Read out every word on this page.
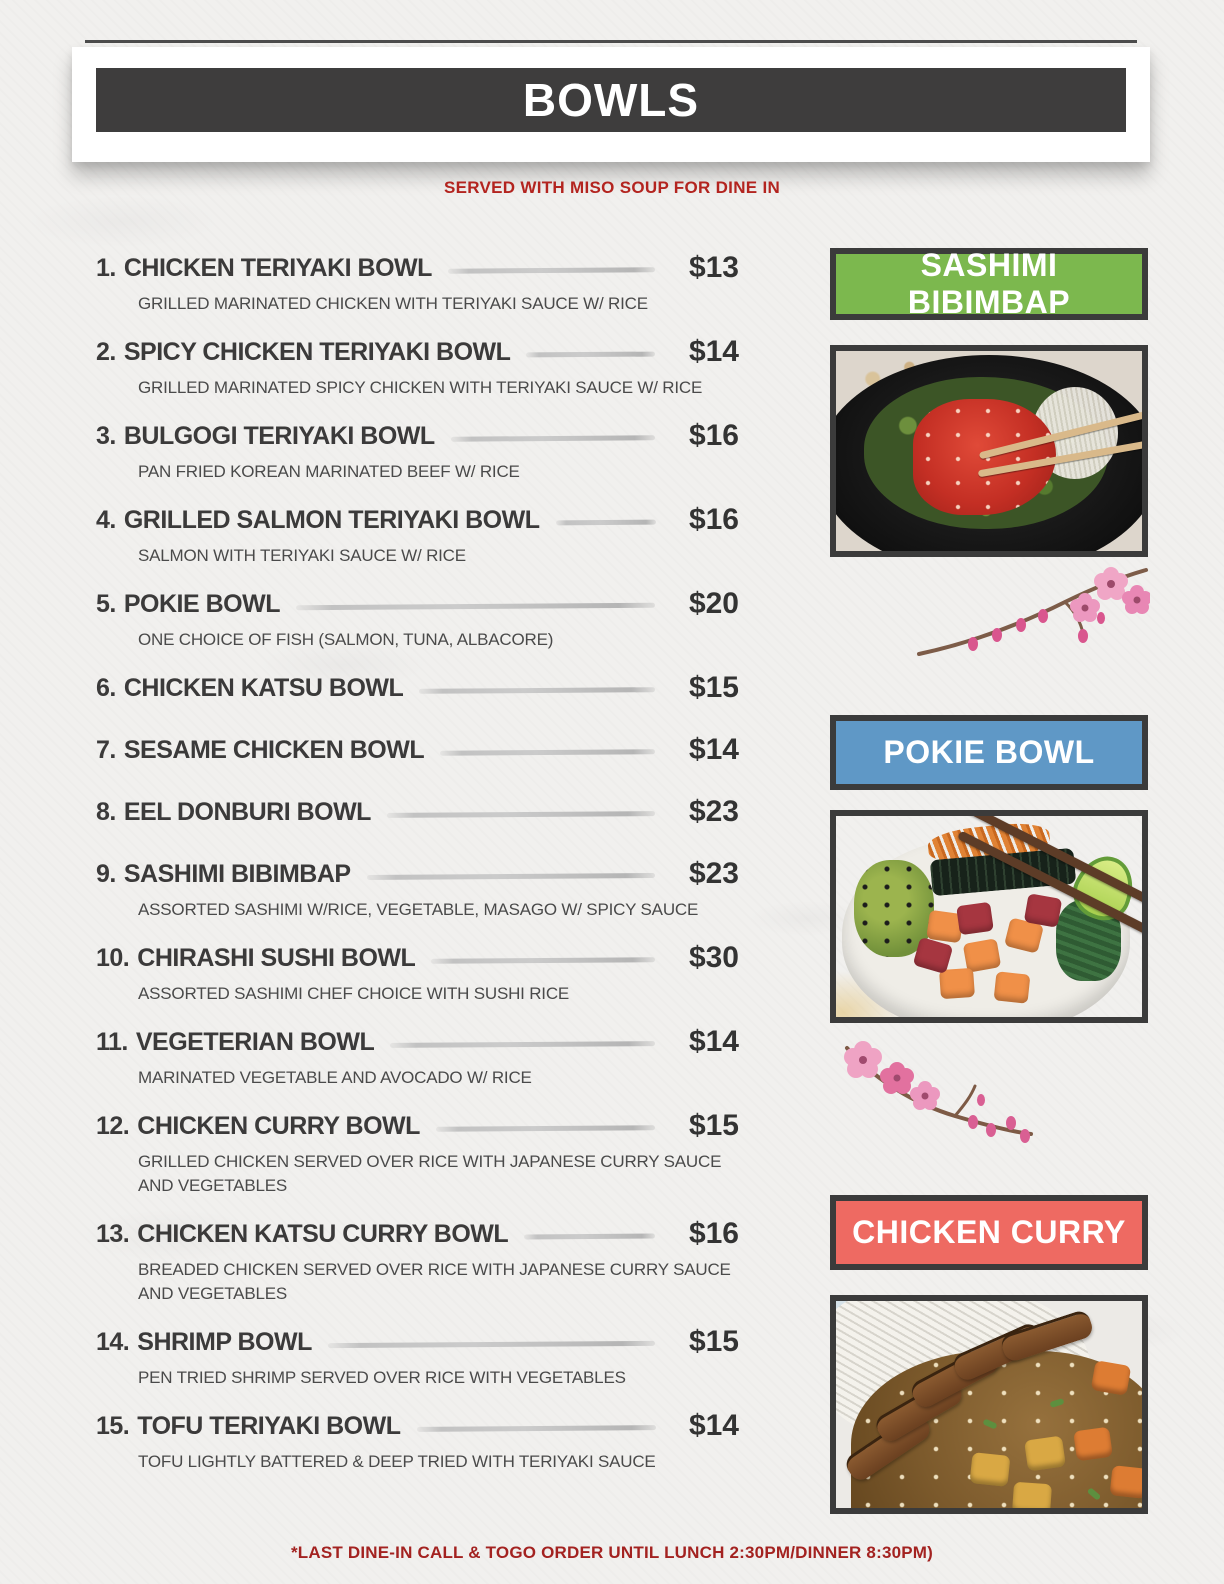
BOWLS
SERVED WITH MISO SOUP FOR DINE IN
1. CHICKEN TERIYAKI BOWL	$13
GRILLED MARINATED CHICKEN WITH TERIYAKI SAUCE W/ RICE
2. SPICY CHICKEN TERIYAKI BOWL	$14
GRILLED MARINATED SPICY CHICKEN WITH TERIYAKI SAUCE W/ RICE
3. BULGOGI TERIYAKI BOWL	$16
PAN FRIED KOREAN MARINATED BEEF W/ RICE
4. GRILLED SALMON TERIYAKI BOWL	$16
SALMON WITH TERIYAKI SAUCE W/ RICE
5. POKIE BOWL	$20
ONE CHOICE OF FISH (SALMON, TUNA, ALBACORE)
6. CHICKEN KATSU BOWL	$15
7. SESAME CHICKEN BOWL	$14
8. EEL DONBURI BOWL	$23
9. SASHIMI BIBIMBAP	$23
ASSORTED SASHIMI W/RICE, VEGETABLE, MASAGO W/ SPICY SAUCE
10. CHIRASHI SUSHI BOWL	$30
ASSORTED SASHIMI CHEF CHOICE WITH SUSHI RICE
11. VEGETERIAN BOWL	$14
MARINATED VEGETABLE AND AVOCADO W/ RICE
12. CHICKEN CURRY BOWL	$15
GRILLED CHICKEN SERVED OVER RICE WITH JAPANESE CURRY SAUCE AND VEGETABLES
13. CHICKEN KATSU CURRY BOWL	$16
BREADED CHICKEN SERVED OVER RICE WITH JAPANESE CURRY SAUCE AND VEGETABLES
14. SHRIMP BOWL	$15
PEN TRIED SHRIMP SERVED OVER RICE WITH VEGETABLES
15. TOFU TERIYAKI BOWL	$14
TOFU LIGHTLY BATTERED & DEEP TRIED WITH TERIYAKI SAUCE
SASHIMI BIBIMBAP
POKIE BOWL
CHICKEN CURRY
*LAST DINE-IN CALL & TOGO ORDER UNTIL LUNCH 2:30PM/DINNER 8:30PM)
